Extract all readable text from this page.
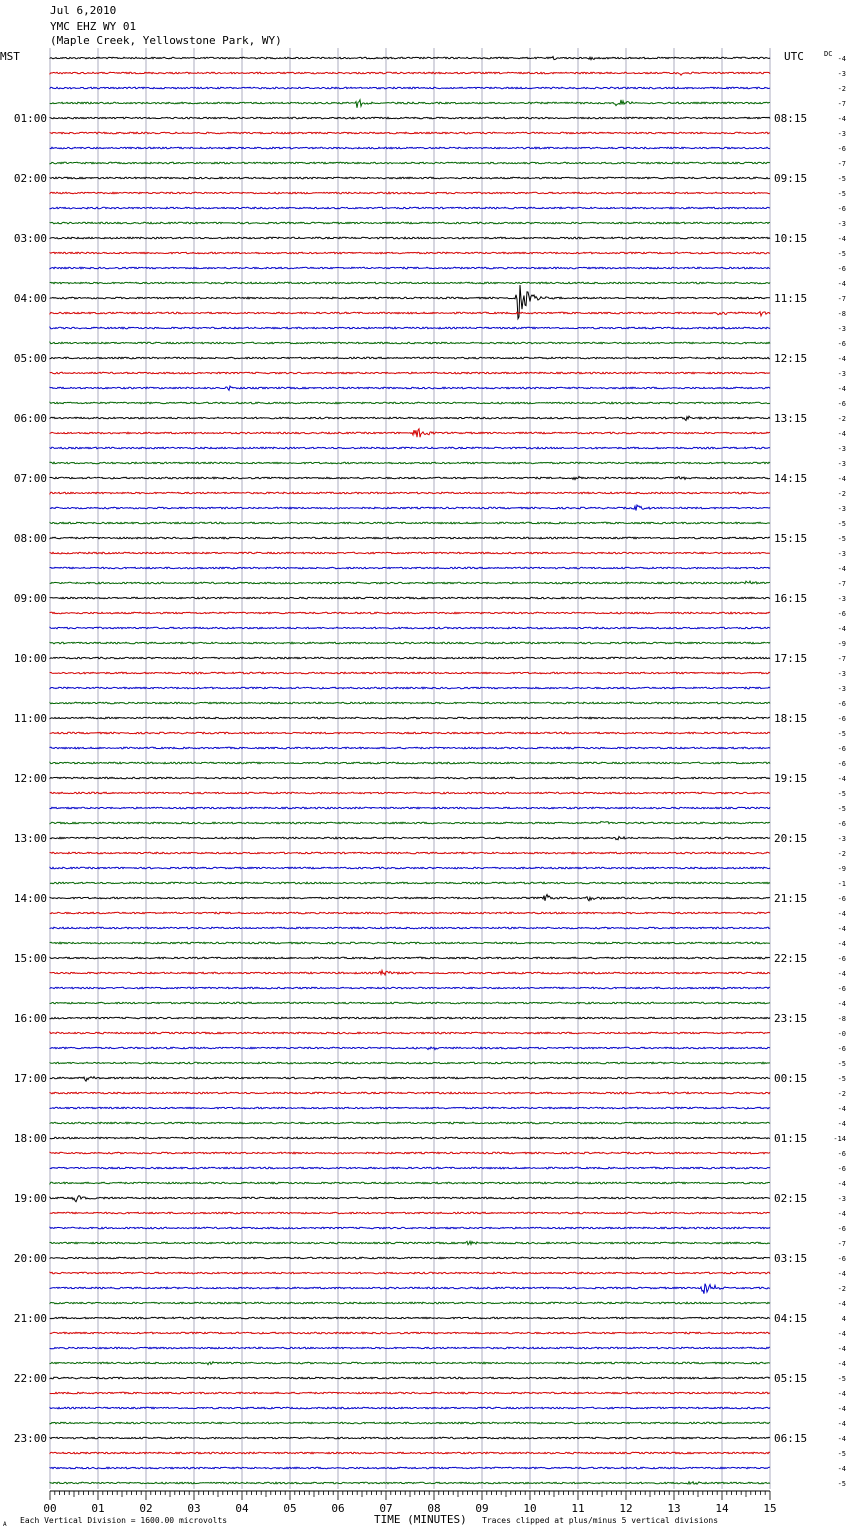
Jul 6,2010
YMC EHZ WY 01
(Maple Creek, Yellowstone Park, WY)
MST	UTC	DC
TIME (MINUTES)
Each Vertical Division = 1600.00 microvolts	Traces clipped at plus/minus 5 vertical divisions
A
00	01	02	03	04	05	06	07	08	09	10	11	12	13	14	15
01:00
02:00
03:00
04:00
05:00
06:00
07:00
08:00
09:00
10:00
11:00
12:00
13:00
14:00
15:00
16:00
17:00
18:00
19:00
20:00
21:00
22:00
23:00
08:15
09:15
10:15
11:15
12:15
13:15
14:15
15:15
16:15
17:15
18:15
19:15
20:15
21:15
22:15
23:15
00:15
01:15
02:15
03:15
04:15
05:15
06:15
-4
-3
-2
-7
-4
-3
-6
-7
-5
-5
-6
-3
-4
-5
-6
-4
-7
-8
-3
-6
-4
-3
-4
-6
-2
-4
-3
-3
-4
-2
-3
-5
-5
-3
-4
-7
-3
-6
-4
-9
-7
-3
-3
-6
-6
-5
-6
-6
-4
-5
-5
-6
-3
-2
-9
-1
-6
-4
-4
-4
-6
-4
-6
-4
-8
-0
-6
-5
-5
-2
-4
-4
-14
-6
-6
-4
-3
-4
-6
-7
-6
-4
-2
-4
4
-4
-4
-4
-5
-4
-4
-4
-4
-5
-4
-5
